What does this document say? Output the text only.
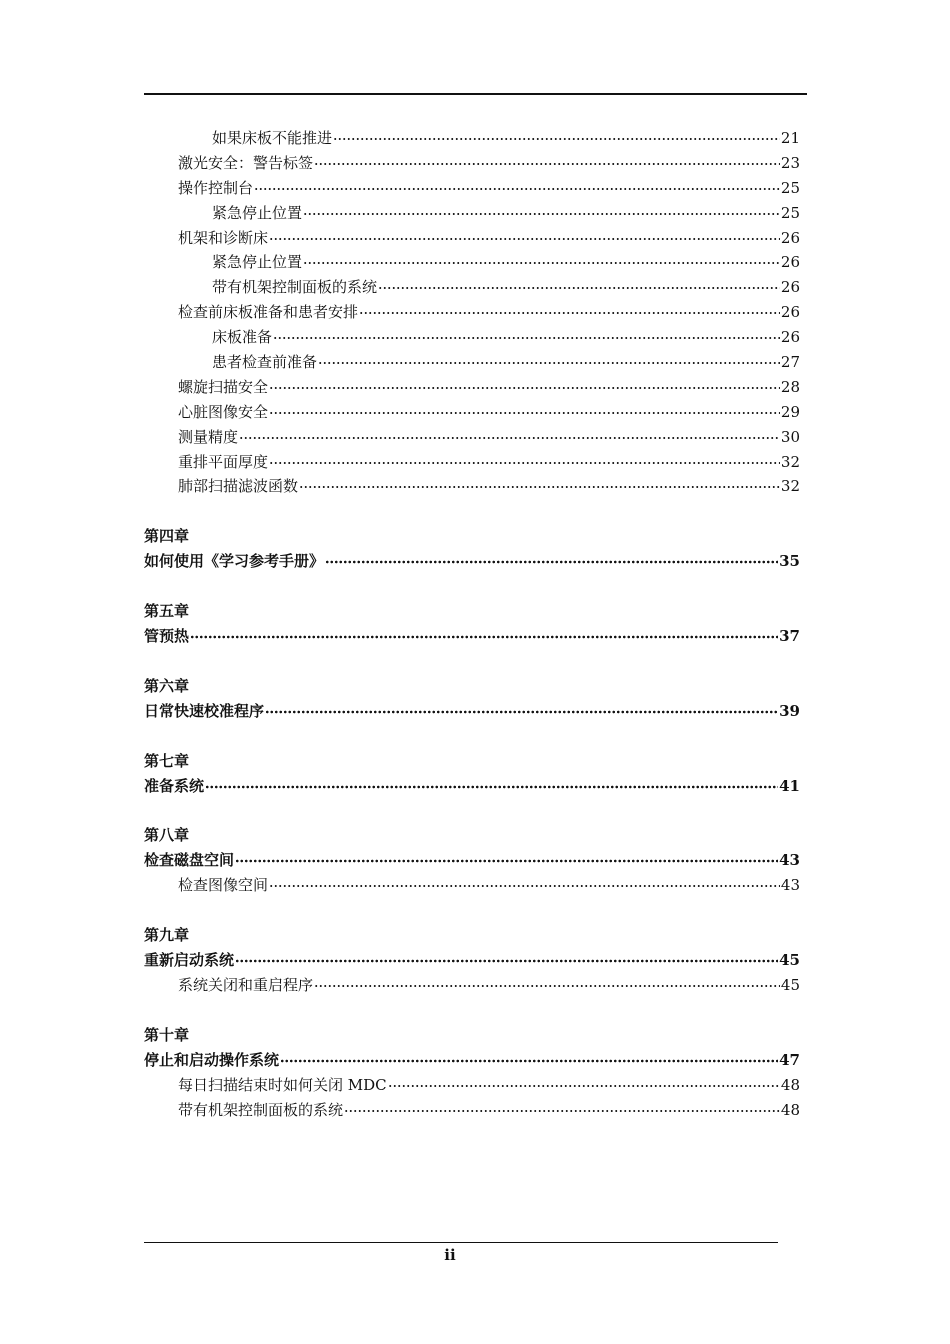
如果床板不能推进	21
激光安全：警告标签	23
操作控制台	25
紧急停止位置	25
机架和诊断床	26
紧急停止位置	26
带有机架控制面板的系统	26
检查前床板准备和患者安排	26
床板准备	26
患者检查前准备	27
螺旋扫描安全	28
心脏图像安全	29
测量精度	30
重排平面厚度	32
肺部扫描滤波函数	32
第四章
如何使用《学习参考手册》	35
第五章
管预热	37
第六章
日常快速校准程序	39
第七章
准备系统	41
第八章
检查磁盘空间	43
检查图像空间	43
第九章
重新启动系统	45
系统关闭和重启程序	45
第十章
停止和启动操作系统	47
每日扫描结束时如何关闭 MDC	48
带有机架控制面板的系统	48
ii
